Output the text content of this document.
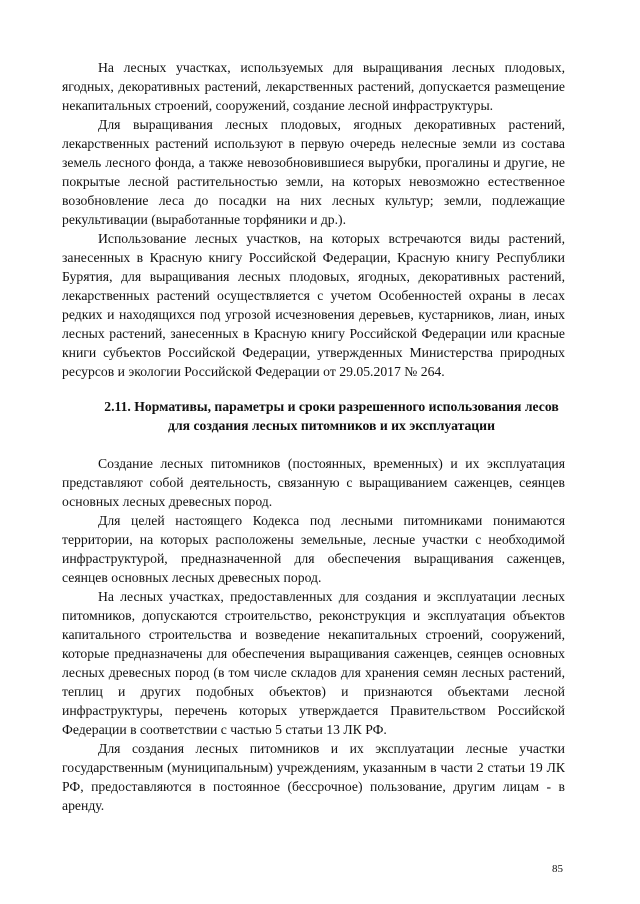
На лесных участках, используемых для выращивания лесных плодовых, ягодных, декоративных растений, лекарственных растений, допускается размещение некапитальных строений, сооружений, создание лесной инфраструктуры.

Для выращивания лесных плодовых, ягодных декоративных растений, лекарственных растений используют в первую очередь нелесные земли из состава земель лесного фонда, а также невозобновившиеся вырубки, прогалины и другие, не покрытые лесной растительностью земли, на которых невозможно естественное возобновление леса до посадки на них лесных культур; земли, подлежащие рекультивации (выработанные торфяники и др.).

Использование лесных участков, на которых встречаются виды растений, занесенных в Красную книгу Российской Федерации, Красную книгу Республики Бурятия, для выращивания лесных плодовых, ягодных, декоративных растений, лекарственных растений осуществляется с учетом Особенностей охраны в лесах редких и находящихся под угрозой исчезновения деревьев, кустарников, лиан, иных лесных растений, занесенных в Красную книгу Российской Федерации или красные книги субъектов Российской Федерации, утвержденных Министерства природных ресурсов и экологии Российской Федерации от 29.05.2017 № 264.

2.11. Нормативы, параметры и сроки разрешенного использования лесов для создания лесных питомников и их эксплуатации

Создание лесных питомников (постоянных, временных) и их эксплуатация представляют собой деятельность, связанную с выращиванием саженцев, сеянцев основных лесных древесных пород.

Для целей настоящего Кодекса под лесными питомниками понимаются территории, на которых расположены земельные, лесные участки с необходимой инфраструктурой, предназначенной для обеспечения выращивания саженцев, сеянцев основных лесных древесных пород.

На лесных участках, предоставленных для создания и эксплуатации лесных питомников, допускаются строительство, реконструкция и эксплуатация объектов капитального строительства и возведение некапитальных строений, сооружений, которые предназначены для обеспечения выращивания саженцев, сеянцев основных лесных древесных пород (в том числе складов для хранения семян лесных растений, теплиц и других подобных объектов) и признаются объектами лесной инфраструктуры, перечень которых утверждается Правительством Российской Федерации в соответствии с частью 5 статьи 13 ЛК РФ.

Для создания лесных питомников и их эксплуатации лесные участки государственным (муниципальным) учреждениям, указанным в части 2 статьи 19 ЛК РФ, предоставляются в постоянное (бессрочное) пользование, другим лицам - в аренду.

85
